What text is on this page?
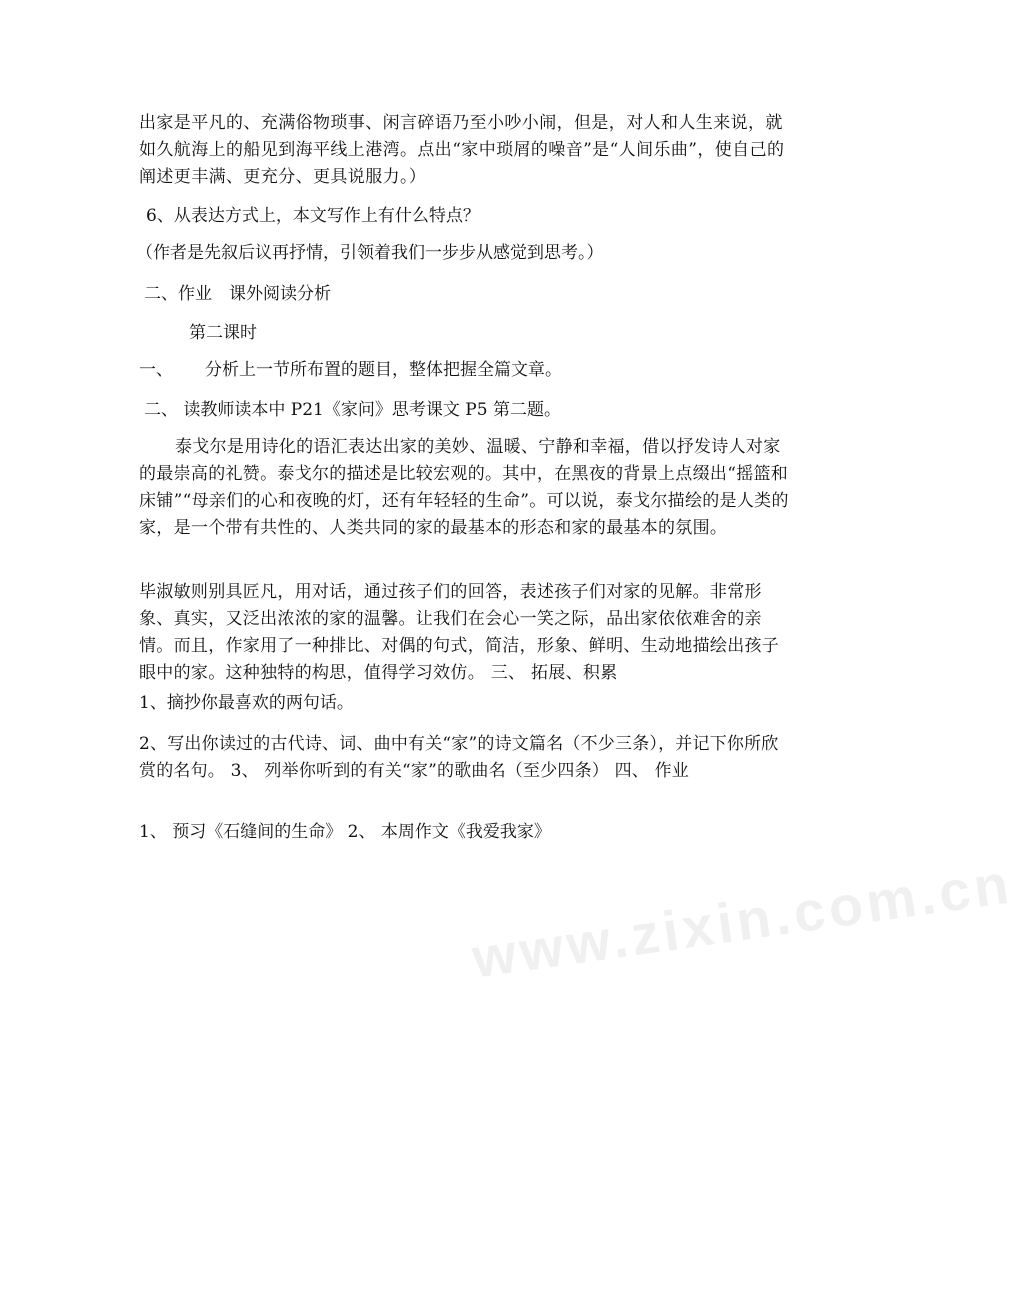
出家是平凡的、充满俗物琐事、闲言碎语乃至小吵小闹，但是，对人和人生来说，就如久航海上的船见到海平线上港湾。点出“家中琐屑的噪音”是“人间乐曲”，使自己的阐述更丰满、更充分、更具说服力。）

6、从表达方式上，本文写作上有什么特点？

（作者是先叙后议再抒情，引领着我们一步步从感觉到思考。）

二、作业　课外阅读分析

第二课时

一、 分析上一节所布置的题目，整体把握全篇文章。

二、 读教师读本中 P21《家问》思考课文 P5 第二题。

泰戈尔是用诗化的语汇表达出家的美妙、温暖、宁静和幸福，借以抒发诗人对家的最崇高的礼赞。泰戈尔的描述是比较宏观的。其中，在黑夜的背景上点缀出“摇篮和床铺”“母亲们的心和夜晚的灯，还有年轻轻的生命”。可以说，泰戈尔描绘的是人类的家，是一个带有共性的、人类共同的家的最基本的形态和家的最基本的氛围。

毕淑敏则别具匠凡，用对话，通过孩子们的回答，表述孩子们对家的见解。非常形象、真实，又泛出浓浓的家的温馨。让我们在会心一笑之际，品出家依依难舍的亲情。而且，作家用了一种排比、对偶的句式，简洁，形象、鲜明、生动地描绘出孩子眼中的家。这种独特的构思，值得学习效仿。 三、 拓展、积累

1、摘抄你最喜欢的两句话。

2、写出你读过的古代诗、词、曲中有关“家”的诗文篇名（不少三条），并记下你所欣赏的名句。 3、 列举你听到的有关“家”的歌曲名（至少四条） 四、 作业

1、 预习《石缝间的生命》 2、 本周作文《我爱我家》

www.zixin.com.cn
